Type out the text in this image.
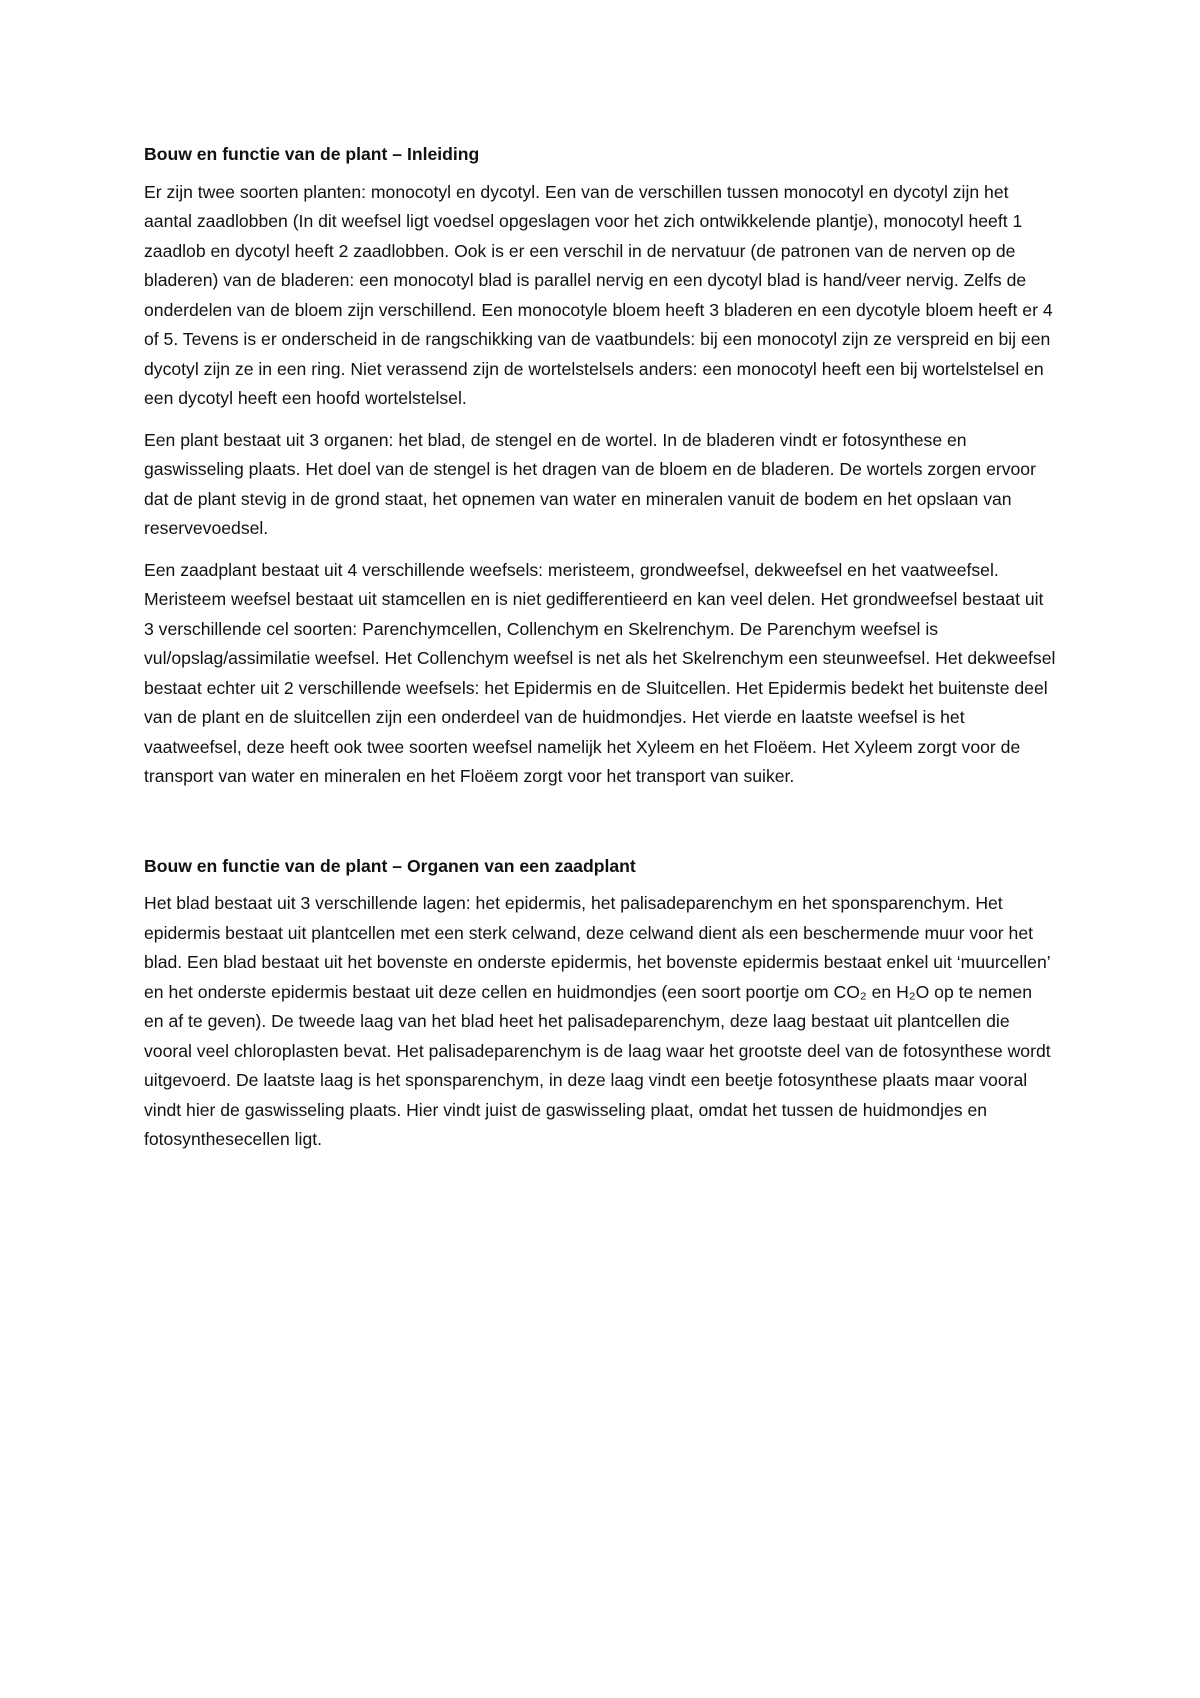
Bouw en functie van de plant – Inleiding

Er zijn twee soorten planten: monocotyl en dycotyl. Een van de verschillen tussen monocotyl en dycotyl zijn het aantal zaadlobben (In dit weefsel ligt voedsel opgeslagen voor het zich ontwikkelende plantje), monocotyl heeft 1 zaadlob en dycotyl heeft 2 zaadlobben. Ook is er een verschil in de nervatuur (de patronen van de nerven op de bladeren) van de bladeren: een monocotyl blad is parallel nervig en een dycotyl blad is hand/veer nervig. Zelfs de onderdelen van de bloem zijn verschillend. Een monocotyle bloem heeft 3 bladeren en een dycotyle bloem heeft er 4 of 5. Tevens is er onderscheid in de rangschikking van de vaatbundels: bij een monocotyl zijn ze verspreid en bij een dycotyl zijn ze in een ring. Niet verassend zijn de wortelstelsels anders: een monocotyl heeft een bij wortelstelsel en een dycotyl heeft een hoofd wortelstelsel.

Een plant bestaat uit 3 organen: het blad, de stengel en de wortel. In de bladeren vindt er fotosynthese en gaswisseling plaats. Het doel van de stengel is het dragen van de bloem en de bladeren. De wortels zorgen ervoor dat de plant stevig in de grond staat, het opnemen van water en mineralen vanuit de bodem en het opslaan van reservevoedsel.

Een zaadplant bestaat uit 4 verschillende weefsels: meristeem, grondweefsel, dekweefsel en het vaatweefsel. Meristeem weefsel bestaat uit stamcellen en is niet gedifferentieerd en kan veel delen. Het grondweefsel bestaat uit 3 verschillende cel soorten: Parenchymcellen, Collenchym en Skelrenchym. De Parenchym weefsel is vul/opslag/assimilatie weefsel. Het Collenchym weefsel is net als het Skelrenchym een steunweefsel. Het dekweefsel bestaat echter uit 2 verschillende weefsels: het Epidermis en de Sluitcellen. Het Epidermis bedekt het buitenste deel van de plant en de sluitcellen zijn een onderdeel van de huidmondjes. Het vierde en laatste weefsel is het vaatweefsel, deze heeft ook twee soorten weefsel namelijk het Xyleem en het Floëem. Het Xyleem zorgt voor de transport van water en mineralen en het Floëem zorgt voor het transport van suiker.

Bouw en functie van de plant – Organen van een zaadplant

Het blad bestaat uit 3 verschillende lagen: het epidermis, het palisadeparenchym en het sponsparenchym. Het epidermis bestaat uit plantcellen met een sterk celwand, deze celwand dient als een beschermende muur voor het blad. Een blad bestaat uit het bovenste en onderste epidermis, het bovenste epidermis bestaat enkel uit ‘muurcellen’ en het onderste epidermis bestaat uit deze cellen en huidmondjes (een soort poortje om CO₂ en H₂O op te nemen en af te geven). De tweede laag van het blad heet het palisadeparenchym, deze laag bestaat uit plantcellen die vooral veel chloroplasten bevat. Het palisadeparenchym is de laag waar het grootste deel van de fotosynthese wordt uitgevoerd. De laatste laag is het sponsparenchym, in deze laag vindt een beetje fotosynthese plaats maar vooral vindt hier de gaswisseling plaats. Hier vindt juist de gaswisseling plaat, omdat het tussen de huidmondjes en fotosynthesecellen ligt.
